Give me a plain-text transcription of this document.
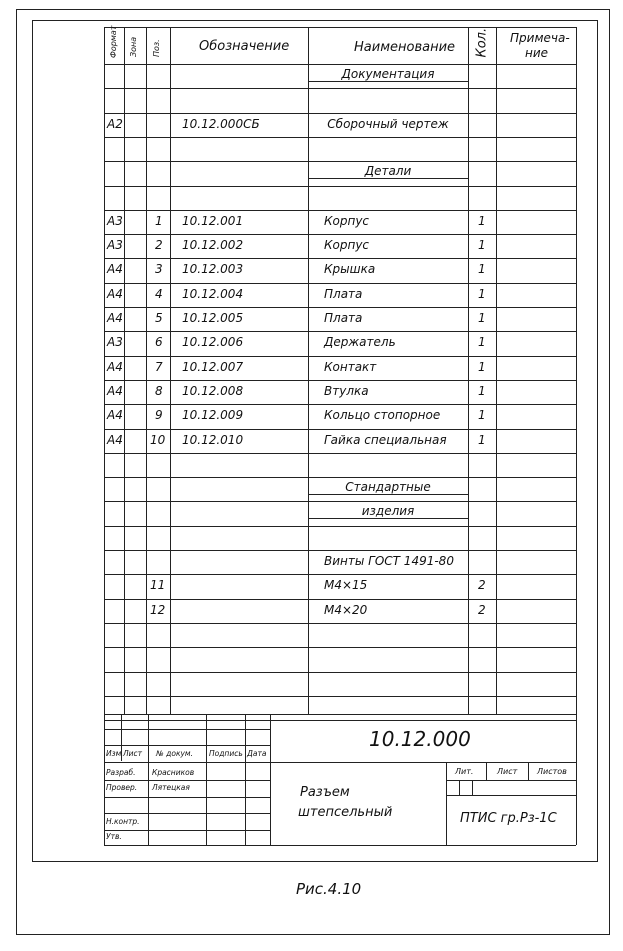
Формат Зона Поз.	Обозначение	Наименование Кол. Примеча-
ние
Документация
А2	10.12.000СБ	Сборочный чертеж
Детали
А3	1 10.12.001	Корпус	1
А3	2 10.12.002	Корпус	1
А4	3 10.12.003	Крышка	1
А4	4 10.12.004	Плата	1
А4	5 10.12.005	Плата	1
А3	6 10.12.006	Держатель	1
А4	7 10.12.007	Контакт	1
А4	8 10.12.008	Втулка	1
А4	9 10.12.009	Кольцо стопорное	1
А4 10 10.12.010	Гайка специальная	1
Стандартные
изделия
Винты ГОСТ 1491-80
11	М4×15	2
12	М4×20	2
10.12.000
Изм Лист № докум. Подпись Дата
Разраб. Красников
Провер. Лятецкая
Н.контр.
Утв.
Разъем
штепсельный
Лит.	Лист Листов
ПТИС гр.Рз-1С
Рис.4.10
